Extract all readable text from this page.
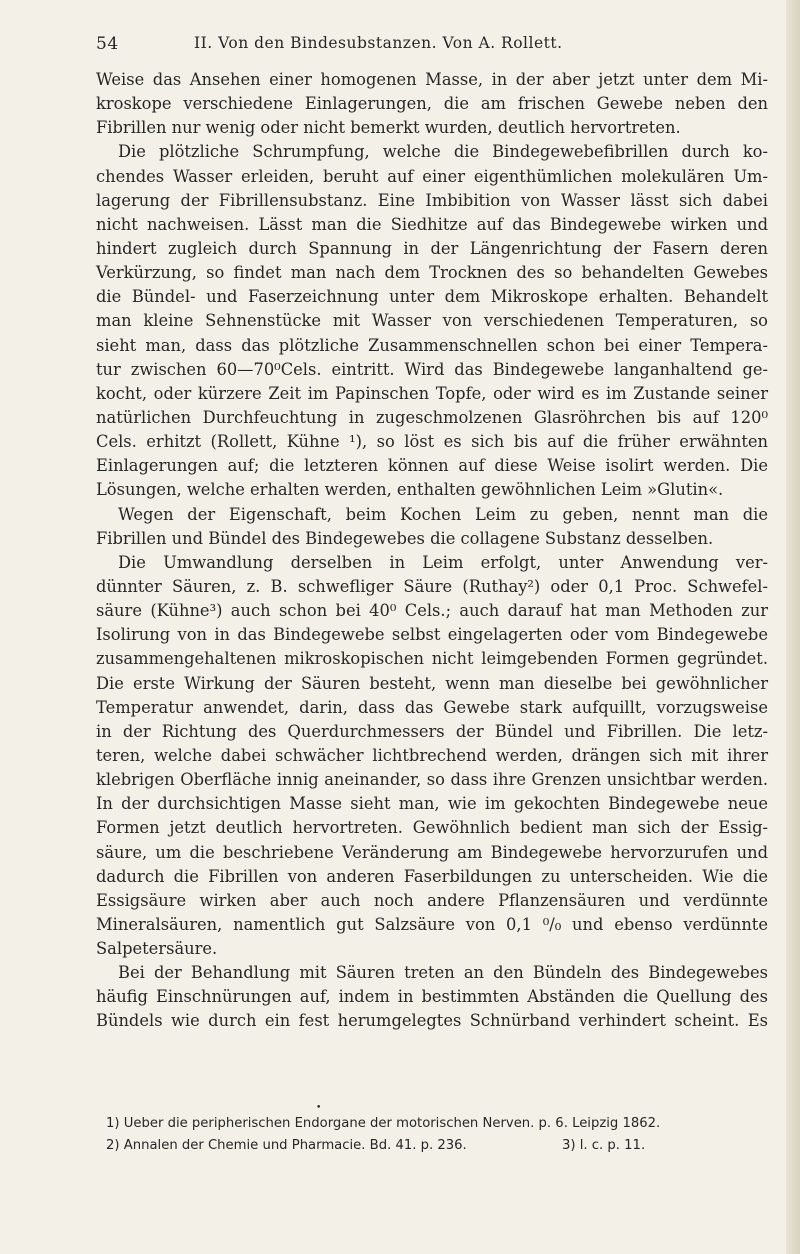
54	II. Von den Bindesubstanzen. Von A. Rollett.
Weise das Ansehen einer homogenen Masse, in der aber jetzt unter dem Mi-
kroskope verschiedene Einlagerungen, die am frischen Gewebe neben den
Fibrillen nur wenig oder nicht bemerkt wurden, deutlich hervortreten.
Die plötzliche Schrumpfung, welche die Bindegewebefibrillen durch ko-
chendes Wasser erleiden, beruht auf einer eigenthümlichen molekulären Um-
lagerung der Fibrillensubstanz. Eine Imbibition von Wasser lässt sich dabei
nicht nachweisen. Lässt man die Siedhitze auf das Bindegewebe wirken und
hindert zugleich durch Spannung in der Längenrichtung der Fasern deren
Verkürzung, so findet man nach dem Trocknen des so behandelten Gewebes
die Bündel- und Faserzeichnung unter dem Mikroskope erhalten. Behandelt
man kleine Sehnenstücke mit Wasser von verschiedenen Temperaturen, so
sieht man, dass das plötzliche Zusammenschnellen schon bei einer Tempera-
tur zwischen 60—70⁰Cels. eintritt. Wird das Bindegewebe langanhaltend ge-
kocht, oder kürzere Zeit im Papinschen Topfe, oder wird es im Zustande seiner
natürlichen Durchfeuchtung in zugeschmolzenen Glasröhrchen bis auf 120⁰
Cels. erhitzt (Rollett, Kühne ¹), so löst es sich bis auf die früher erwähnten
Einlagerungen auf; die letzteren können auf diese Weise isolirt werden. Die
Lösungen, welche erhalten werden, enthalten gewöhnlichen Leim »Glutin«.
Wegen der Eigenschaft, beim Kochen Leim zu geben, nennt man die
Fibrillen und Bündel des Bindegewebes die collagene Substanz desselben.
Die Umwandlung derselben in Leim erfolgt, unter Anwendung ver-
dünnter Säuren, z. B. schwefliger Säure (Ruthay²) oder 0,1 Proc. Schwefel-
säure (Kühne³) auch schon bei 40⁰ Cels.; auch darauf hat man Methoden zur
Isolirung von in das Bindegewebe selbst eingelagerten oder vom Bindegewebe
zusammengehaltenen mikroskopischen nicht leimgebenden Formen gegründet.
Die erste Wirkung der Säuren besteht, wenn man dieselbe bei gewöhnlicher
Temperatur anwendet, darin, dass das Gewebe stark aufquillt, vorzugsweise
in der Richtung des Querdurchmessers der Bündel und Fibrillen. Die letz-
teren, welche dabei schwächer lichtbrechend werden, drängen sich mit ihrer
klebrigen Oberfläche innig aneinander, so dass ihre Grenzen unsichtbar werden.
In der durchsichtigen Masse sieht man, wie im gekochten Bindegewebe neue
Formen jetzt deutlich hervortreten. Gewöhnlich bedient man sich der Essig-
säure, um die beschriebene Veränderung am Bindegewebe hervorzurufen und
dadurch die Fibrillen von anderen Faserbildungen zu unterscheiden. Wie die
Essigsäure wirken aber auch noch andere Pflanzensäuren und verdünnte
Mineralsäuren, namentlich gut Salzsäure von 0,1 ⁰/₀ und ebenso verdünnte
Salpetersäure.
Bei der Behandlung mit Säuren treten an den Bündeln des Bindegewebes
häufig Einschnürungen auf, indem in bestimmten Abständen die Quellung des
Bündels wie durch ein fest herumgelegtes Schnürband verhindert scheint. Es
•
1) Ueber die peripherischen Endorgane der motorischen Nerven. p. 6. Leipzig 1862.
2) Annalen der Chemie und Pharmacie. Bd. 41. p. 236.	3) l. c. p. 11.
